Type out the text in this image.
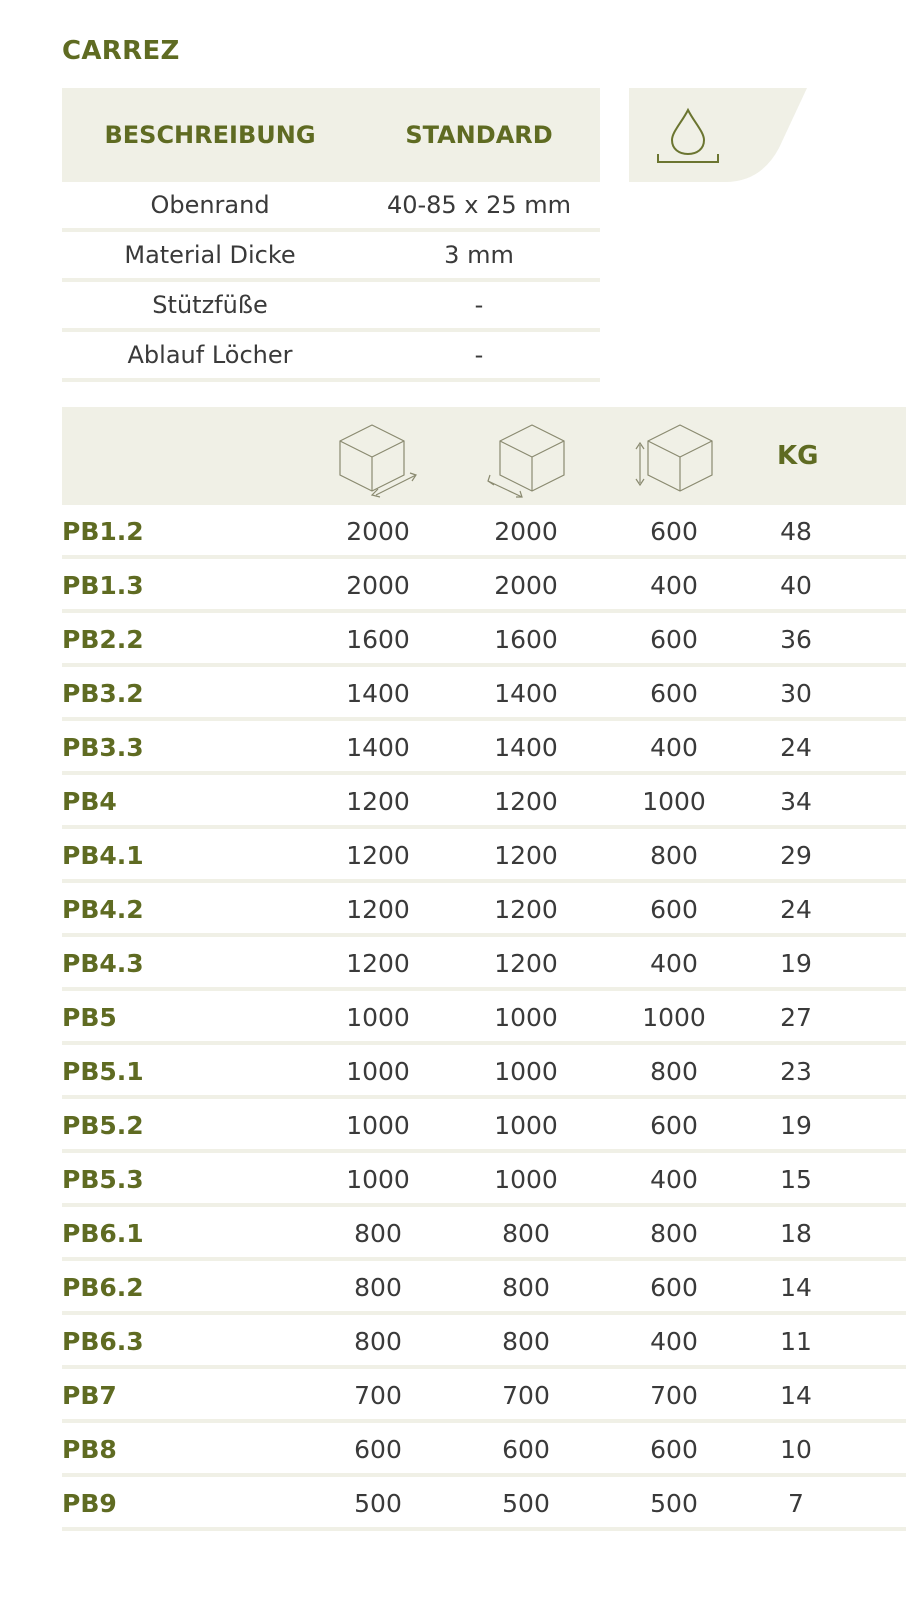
CARREZ
BESCHREIBUNG	STANDARD
Obenrand	40-85 x 25 mm
Material Dicke	3 mm
Stützfüße	-
Ablauf Löcher	-
KG
PB1.2	2000	2000	600	48
PB1.3	2000	2000	400	40
PB2.2	1600	1600	600	36
PB3.2	1400	1400	600	30
PB3.3	1400	1400	400	24
PB4	1200	1200	1000	34
PB4.1	1200	1200	800	29
PB4.2	1200	1200	600	24
PB4.3	1200	1200	400	19
PB5	1000	1000	1000	27
PB5.1	1000	1000	800	23
PB5.2	1000	1000	600	19
PB5.3	1000	1000	400	15
PB6.1	800	800	800	18
PB6.2	800	800	600	14
PB6.3	800	800	400	11
PB7	700	700	700	14
PB8	600	600	600	10
PB9	500	500	500	7
